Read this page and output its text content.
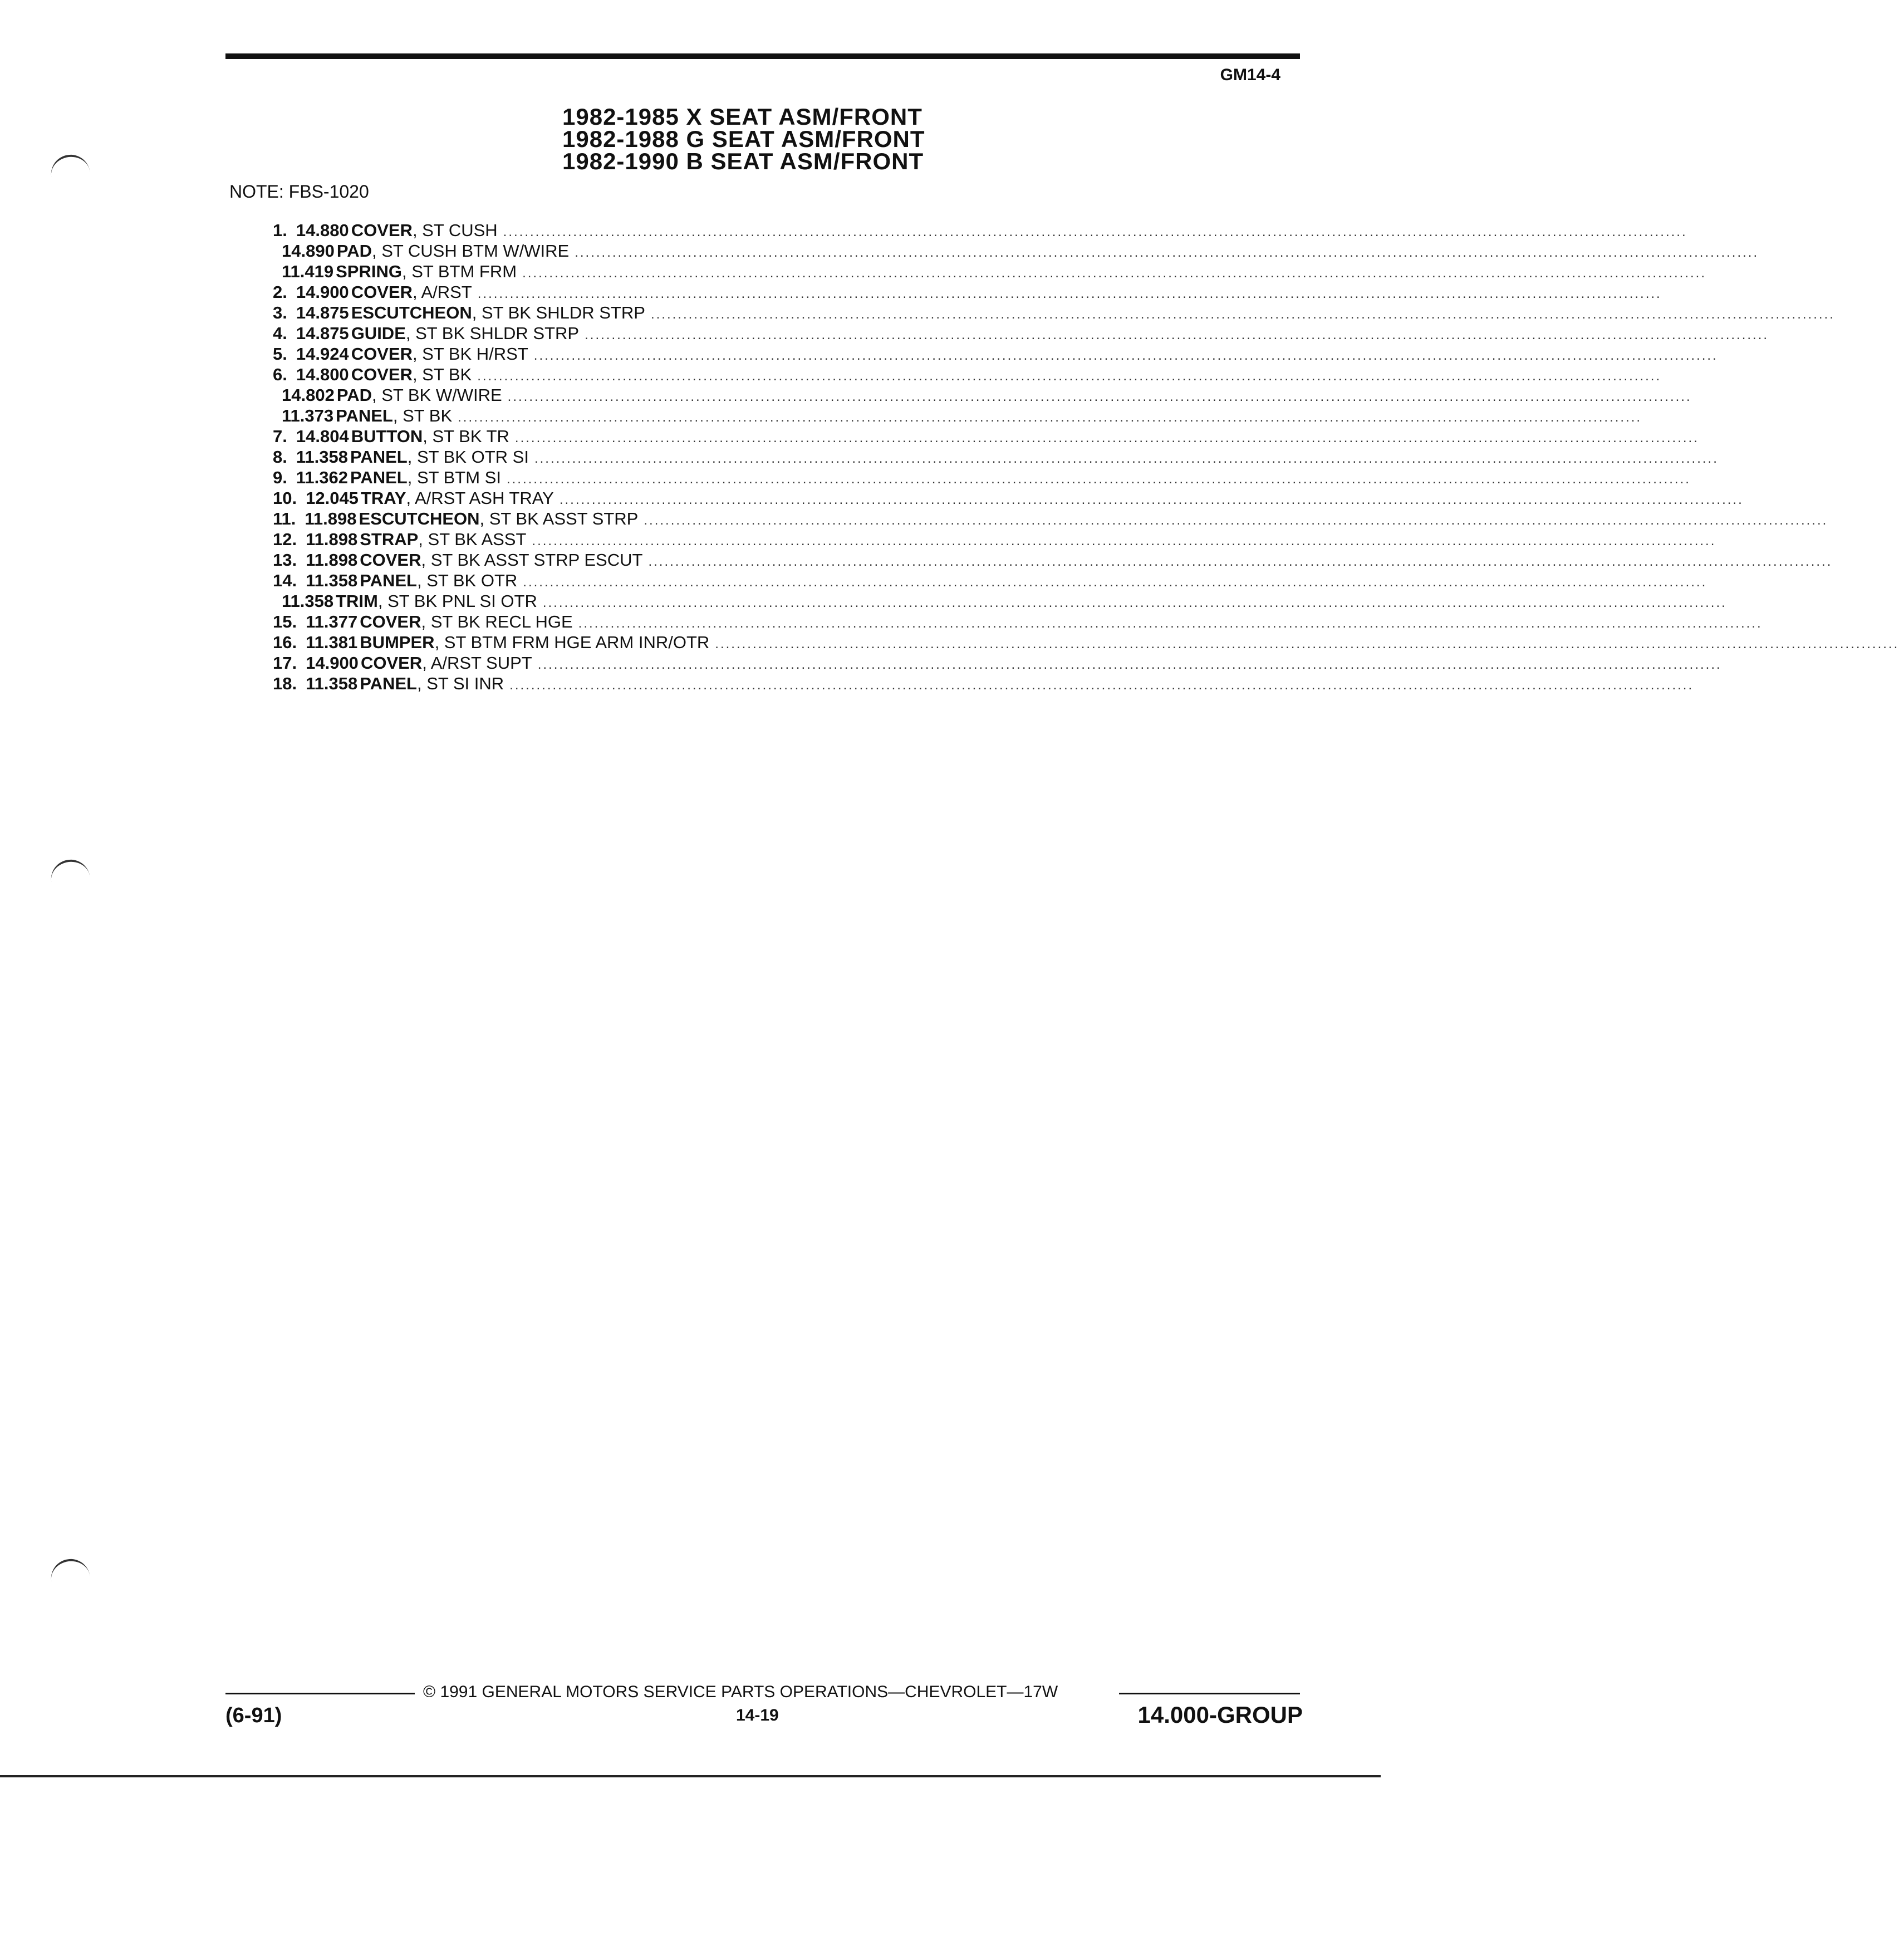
GM14-4
1982-1985 X SEAT ASM/FRONT
1982-1988 G SEAT ASM/FRONT
1982-1990 B SEAT ASM/FRONT
NOTE: FBS-1020
1. 14.880 COVER , ST CUSH ............................................................................................................................................................................................................................
14.890 PAD , ST CUSH BTM W/WIRE ............................................................................................................................................................................................................................
11.419 SPRING , ST BTM FRM ............................................................................................................................................................................................................................
2. 14.900 COVER , A/RST ............................................................................................................................................................................................................................
3. 14.875 ESCUTCHEON , ST BK SHLDR STRP ............................................................................................................................................................................................................................
4. 14.875 GUIDE , ST BK SHLDR STRP ............................................................................................................................................................................................................................
5. 14.924 COVER , ST BK H/RST ............................................................................................................................................................................................................................
6. 14.800 COVER , ST BK ............................................................................................................................................................................................................................
14.802 PAD , ST BK W/WIRE ............................................................................................................................................................................................................................
11.373 PANEL , ST BK ............................................................................................................................................................................................................................
7. 14.804 BUTTON , ST BK TR ............................................................................................................................................................................................................................
8. 11.358 PANEL , ST BK OTR SI ............................................................................................................................................................................................................................
9. 11.362 PANEL , ST BTM SI ............................................................................................................................................................................................................................
10. 12.045 TRAY , A/RST ASH TRAY ............................................................................................................................................................................................................................
11. 11.898 ESCUTCHEON , ST BK ASST STRP ............................................................................................................................................................................................................................
12. 11.898 STRAP , ST BK ASST ............................................................................................................................................................................................................................
13. 11.898 COVER , ST BK ASST STRP ESCUT ............................................................................................................................................................................................................................
14. 11.358 PANEL , ST BK OTR ............................................................................................................................................................................................................................
11.358 TRIM , ST BK PNL SI OTR ............................................................................................................................................................................................................................
15. 11.377 COVER , ST BK RECL HGE ............................................................................................................................................................................................................................
16. 11.381 BUMPER , ST BTM FRM HGE ARM INR/OTR ............................................................................................................................................................................................................................
17. 14.900 COVER , A/RST SUPT ............................................................................................................................................................................................................................
18. 11.358 PANEL , ST SI INR ............................................................................................................................................................................................................................
© 1991 GENERAL MOTORS SERVICE PARTS OPERATIONS—CHEVROLET—17W
(6-91)	14-19	14.000-GROUP
